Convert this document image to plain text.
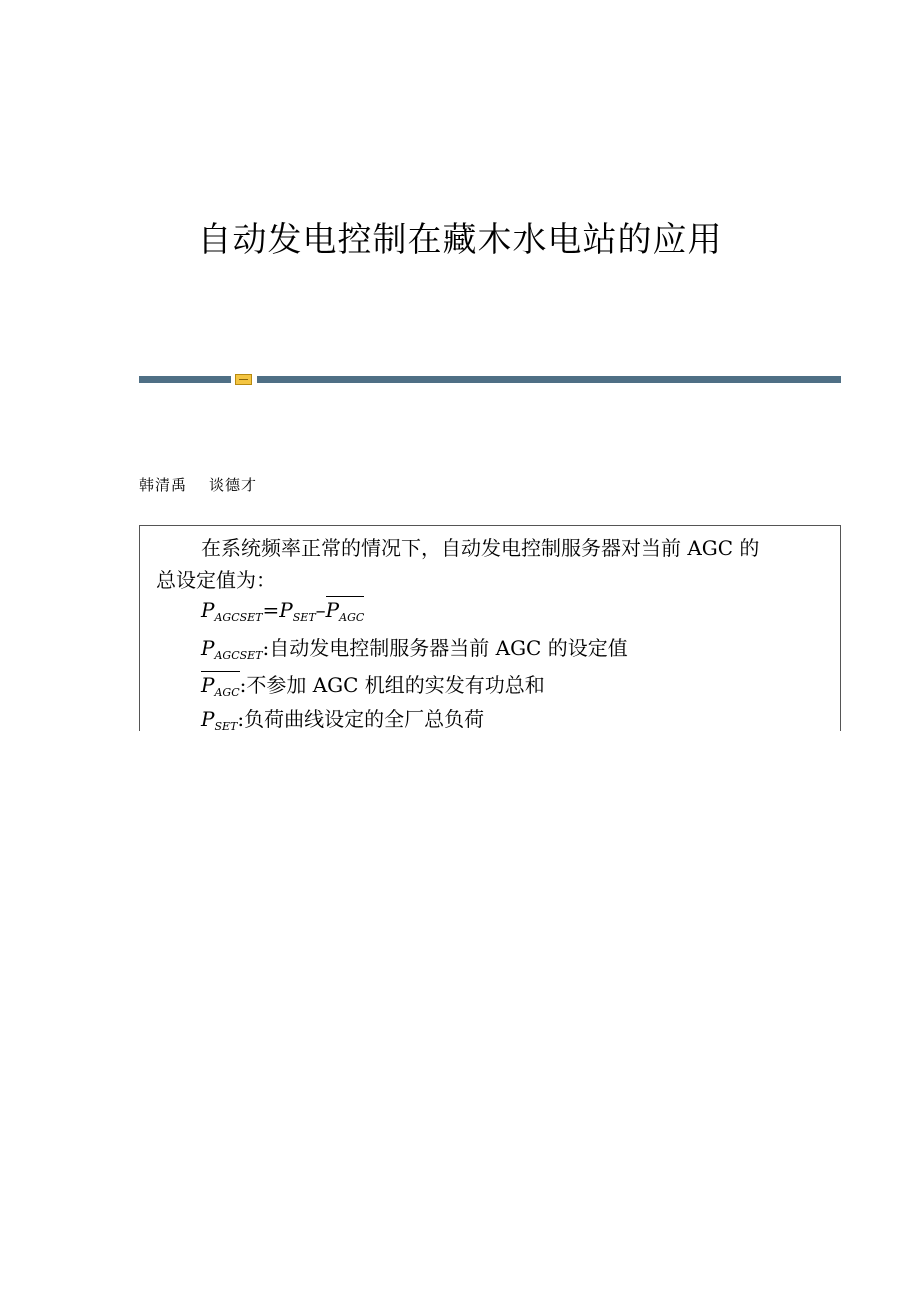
自动发电控制在藏木水电站的应用
韩清禹 谈德才
在系统频率正常的情况下，自动发电控制服务器对当前 AGC 的
总设定值为：
$P_{AGCSET}=P_{SET}-P_{AGC}$
$P_{AGCSET}$:自动发电控制服务器当前 AGC 的设定值
$P_{AGC}$:不参加 AGC 机组的实发有功总和
$P_{SET}$:负荷曲线设定的全厂总负荷
